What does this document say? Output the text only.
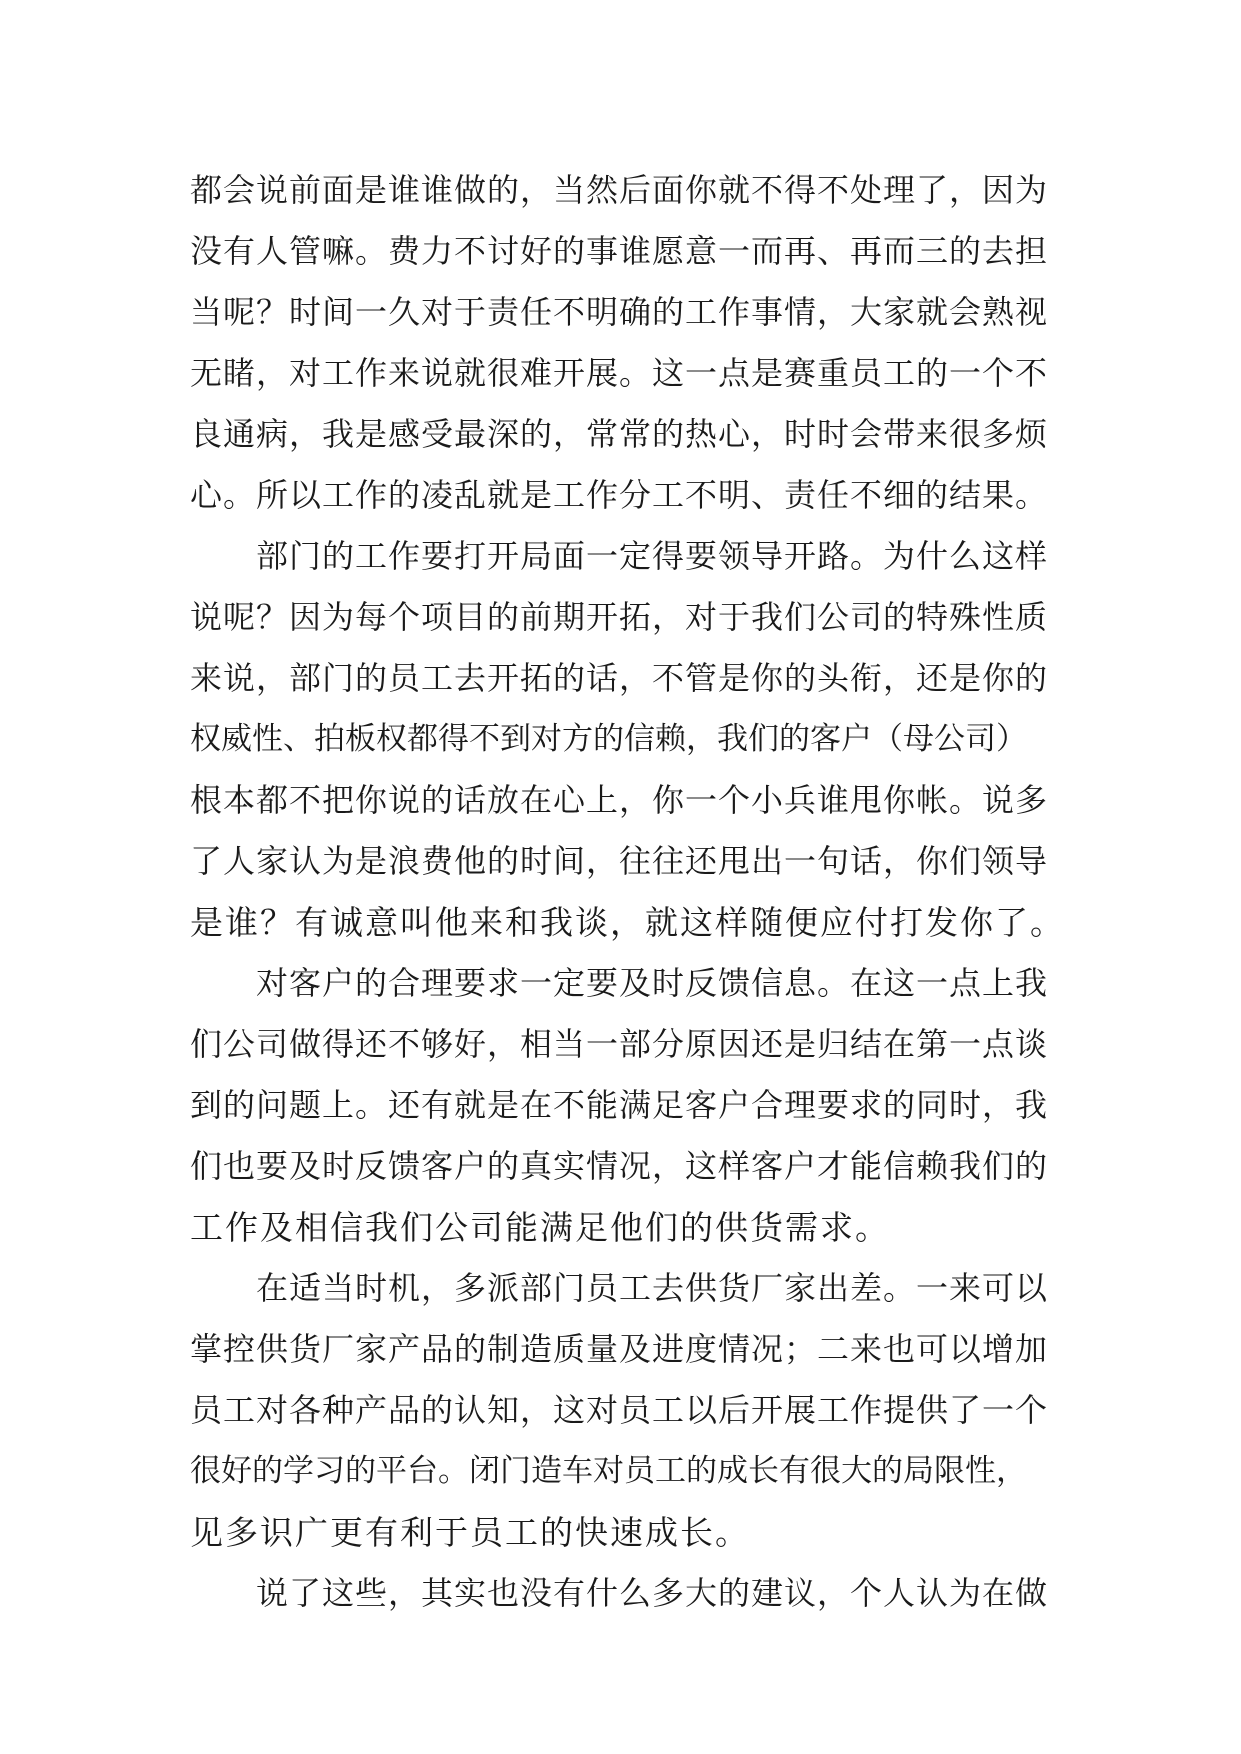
都会说前面是谁谁做的，当然后面你就不得不处理了，因为
没有人管嘛。费力不讨好的事谁愿意一而再、再而三的去担
当呢？时间一久对于责任不明确的工作事情，大家就会熟视
无睹，对工作来说就很难开展。这一点是赛重员工的一个不
良通病，我是感受最深的，常常的热心，时时会带来很多烦
心。所以工作的凌乱就是工作分工不明、责任不细的结果。
部门的工作要打开局面一定得要领导开路。为什么这样
说呢？因为每个项目的前期开拓，对于我们公司的特殊性质
来说，部门的员工去开拓的话，不管是你的头衔，还是你的
权威性、拍板权都得不到对方的信赖，我们的客户（母公司）
根本都不把你说的话放在心上，你一个小兵谁甩你帐。说多
了人家认为是浪费他的时间，往往还甩出一句话，你们领导
是谁？有诚意叫他来和我谈，就这样随便应付打发你了。
对客户的合理要求一定要及时反馈信息。在这一点上我
们公司做得还不够好，相当一部分原因还是归结在第一点谈
到的问题上。还有就是在不能满足客户合理要求的同时，我
们也要及时反馈客户的真实情况，这样客户才能信赖我们的
工作及相信我们公司能满足他们的供货需求。
在适当时机，多派部门员工去供货厂家出差。一来可以
掌控供货厂家产品的制造质量及进度情况；二来也可以增加
员工对各种产品的认知，这对员工以后开展工作提供了一个
很好的学习的平台。闭门造车对员工的成长有很大的局限性，
见多识广更有利于员工的快速成长。
说了这些，其实也没有什么多大的建议，个人认为在做
